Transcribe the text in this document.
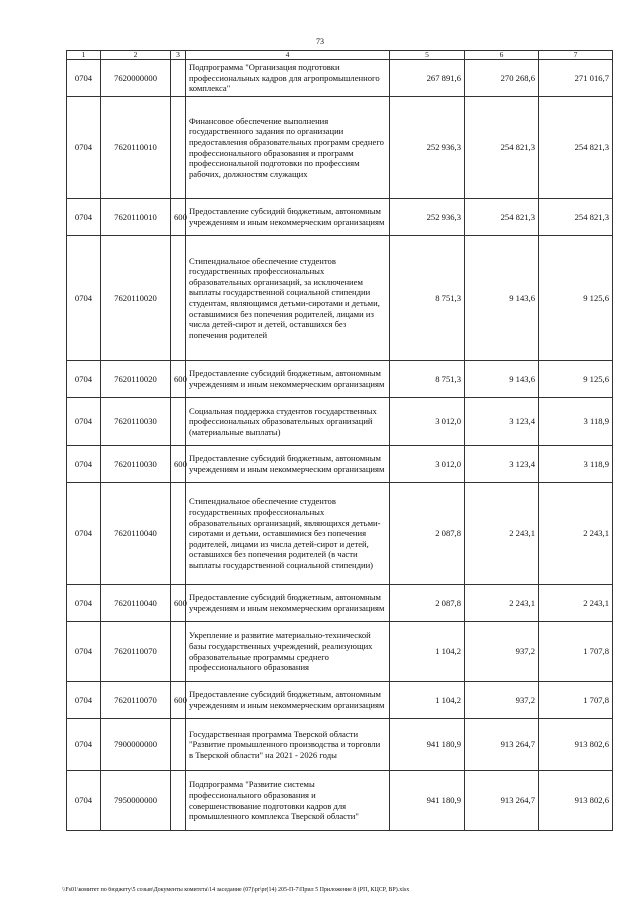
73
1	2	3	4	5	6	7
0704	7620000000		Подпрограмма "Организация подготовки профессиональных кадров для агропромышленного комплекса"	267 891,6	270 268,6	271 016,7
0704	7620110010		Финансовое обеспечение выполнения государственного задания по организации предоставления образовательных программ среднего профессионального образования и программ профессиональной подготовки по профессиям рабочих, должностям служащих	252 936,3	254 821,3	254 821,3
0704	7620110010	600	Предоставление субсидий бюджетным, автономным учреждениям и иным некоммерческим организациям	252 936,3	254 821,3	254 821,3
0704	7620110020		Стипендиальное обеспечение студентов государственных профессиональных образовательных организаций, за исключением выплаты государственной социальной стипендии студентам, являющимся детьми-сиротами и детьми, оставшимися без попечения родителей, лицами из числа детей-сирот и детей, оставшихся без попечения родителей	8 751,3	9 143,6	9 125,6
0704	7620110020	600	Предоставление субсидий бюджетным, автономным учреждениям и иным некоммерческим организациям	8 751,3	9 143,6	9 125,6
0704	7620110030		Социальная поддержка студентов государственных профессиональных образовательных организаций (материальные выплаты)	3 012,0	3 123,4	3 118,9
0704	7620110030	600	Предоставление субсидий бюджетным, автономным учреждениям и иным некоммерческим организациям	3 012,0	3 123,4	3 118,9
0704	7620110040		Стипендиальное обеспечение студентов государственных профессиональных образовательных организаций, являющихся детьми-сиротами и детьми, оставшимися без попечения родителей, лицами из числа детей-сирот и детей, оставшихся без попечения родителей (в части выплаты государственной социальной стипендии)	2 087,8	2 243,1	2 243,1
0704	7620110040	600	Предоставление субсидий бюджетным, автономным учреждениям и иным некоммерческим организациям	2 087,8	2 243,1	2 243,1
0704	7620110070		Укрепление и развитие материально-технической базы государственных учреждений, реализующих образовательные программы среднего профессионального образования	1 104,2	937,2	1 707,8
0704	7620110070	600	Предоставление субсидий бюджетным, автономным учреждениям и иным некоммерческим организациям	1 104,2	937,2	1 707,8
0704	7900000000		Государственная программа Тверской области "Развитие промышленного производства и торговли в Тверской области" на 2021 - 2026 годы	941 180,9	913 264,7	913 802,6
0704	7950000000		Подпрограмма "Развитие системы профессионального образования и совершенствование подготовки кадров для промышленного комплекса Тверской области"	941 180,9	913 264,7	913 802,6
\\Fs01\комитет по бюджету\5 созыв\Документы комитета\14 заседание (07)\pr\pr(14) 205-П-7\Прил 5 Приложение 8 (РП, КЦСР, ВР).xlsx
